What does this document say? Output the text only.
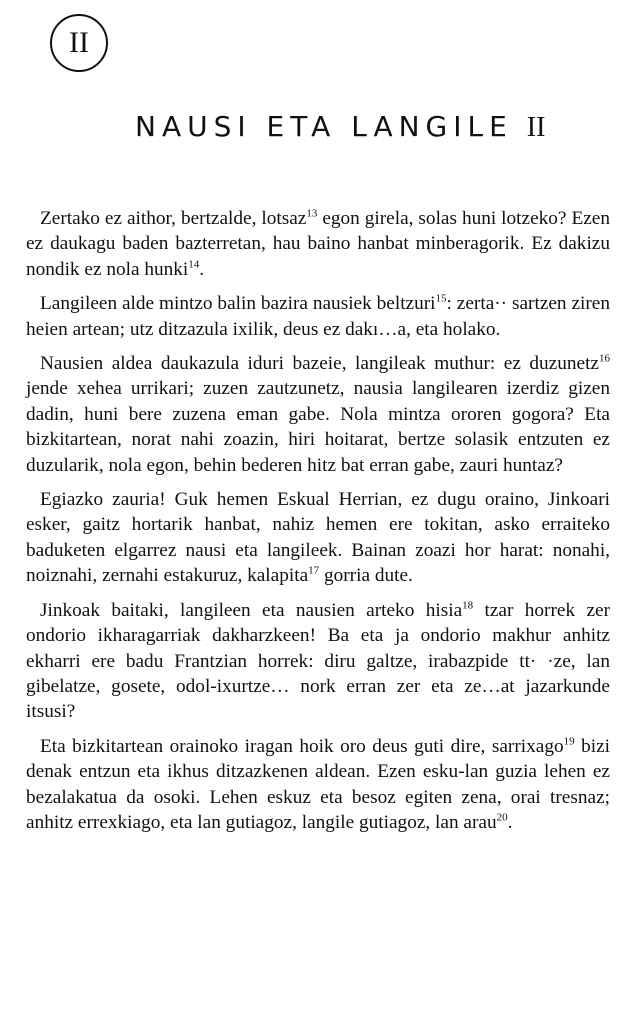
II
NAUSI ETA LANGILE II

Zertako ez aithor, bertzalde, lotsaz$^{13}$ egon girela, solas huni lotzeko? Ezen ez daukagu baden bazterretan, hau baino hanbat minberagorik. Ez dakizu nondik ez nola hunki$^{14}$.

Langileen alde mintzo balin bazira nausiek beltzuri$^{15}$: zerta·· sartzen ziren heien artean; utz ditzazula ixilik, deus ez dakı…a, eta holako.

Nausien aldea daukazula iduri bazeie, langileak muthur: ez duzunetz$^{16}$ jende xehea urrikari; zuzen zautzunetz, nausia langilearen izerdiz gizen dadin, huni bere zuzena eman gabe. Nola mintza ororen gogora? Eta bizkitartean, norat nahi zoazin, hiri hoitarat, bertze solasik entzuten ez duzularik, nola egon, behin bederen hitz bat erran gabe, zauri huntaz?

Egiazko zauria! Guk hemen Eskual Herrian, ez dugu oraino, Jinkoari esker, gaitz hortarik hanbat, nahiz hemen ere tokitan, asko erraiteko baduketen elgarrez nausi eta langileek. Bainan zoazi hor harat: nonahi, noiznahi, zernahi estakuruz, kalapita$^{17}$ gorria dute.

Jinkoak baitaki, langileen eta nausien arteko hisia$^{18}$ tzar horrek zer ondorio ikharagarriak dakharzkeen! Ba eta ja ondorio makhur anhitz ekharri ere badu Frantzian horrek: diru galtze, irabazpide tt· ·ze, lan gibelatze, gosete, odol-ixurtze… nork erran zer eta ze…at jazarkunde itsusi?

Eta bizkitartean orainoko iragan hoik oro deus guti dire, sarrixago$^{19}$ bizi denak entzun eta ikhus ditzazkenen aldean. Ezen esku-lan guzia lehen ez bezalakatua da osoki. Lehen eskuz eta besoz egiten zena, orai tresnaz; anhitz errexkiago, eta lan gutiagoz, langile gutiagoz, lan arau$^{20}$.
